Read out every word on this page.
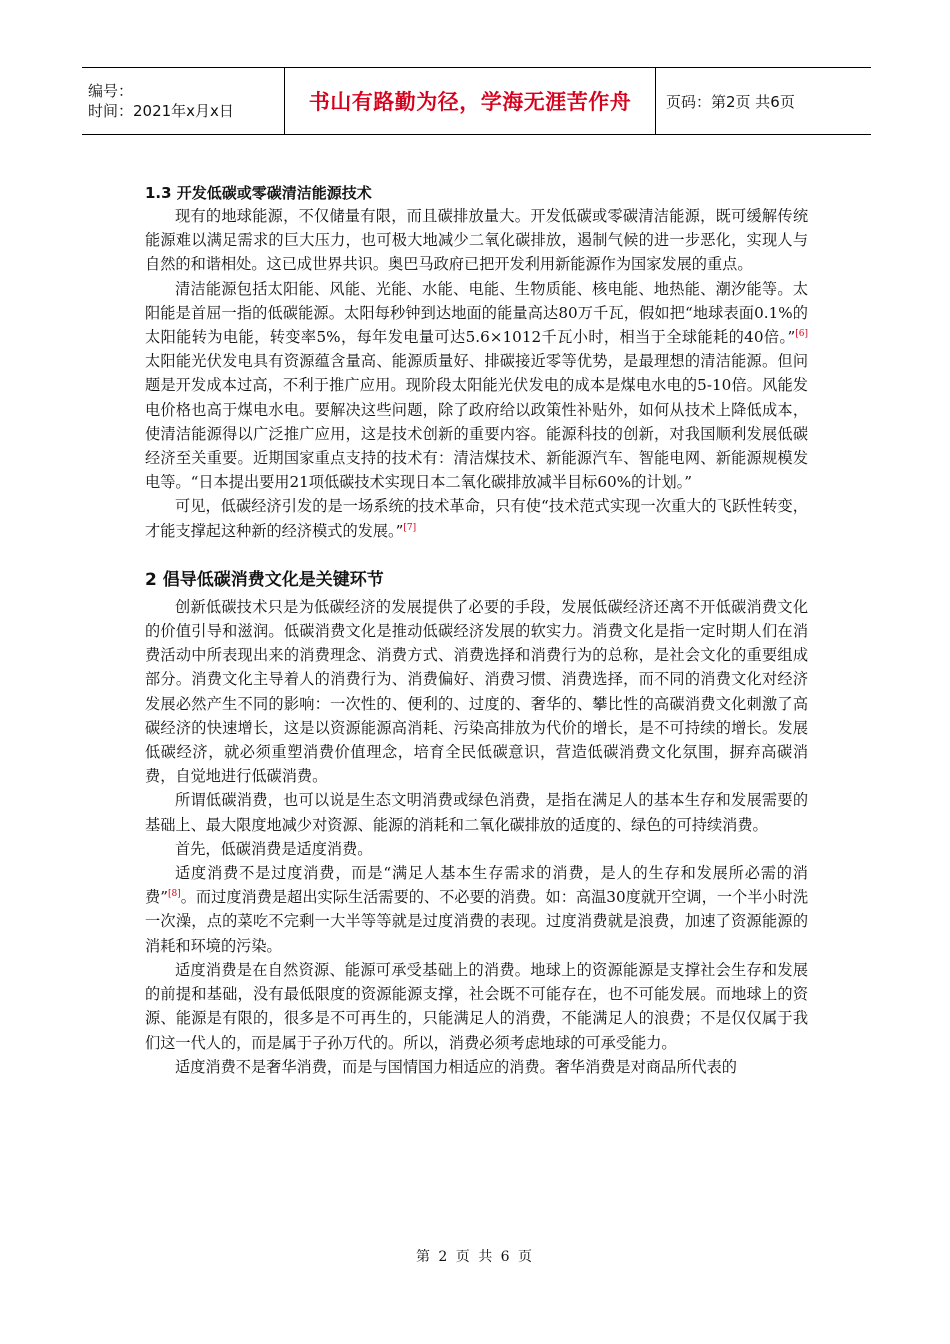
编号：
时间：2021年x月x日	书山有路勤为径，学海无涯苦作舟 页码：第2页 共6页
1.3 开发低碳或零碳清洁能源技术

现有的地球能源，不仅储量有限，而且碳排放量大。开发低碳或零碳清洁能源，既可缓解传统能源难以满足需求的巨大压力，也可极大地减少二氧化碳排放，遏制气候的进一步恶化，实现人与自然的和谐相处。这已成世界共识。奥巴马政府已把开发利用新能源作为国家发展的重点。

清洁能源包括太阳能、风能、光能、水能、电能、生物质能、核电能、地热能、潮汐能等。太阳能是首屈一指的低碳能源。太阳每秒钟到达地面的能量高达80万千瓦，假如把“地球表面0.1%的太阳能转为电能，转变率5%，每年发电量可达5.6×1012千瓦小时，相当于全球能耗的40倍。”[6]太阳能光伏发电具有资源蕴含量高、能源质量好、排碳接近零等优势，是最理想的清洁能源。但问题是开发成本过高，不利于推广应用。现阶段太阳能光伏发电的成本是煤电水电的5-10倍。风能发电价格也高于煤电水电。要解决这些问题，除了政府给以政策性补贴外，如何从技术上降低成本，使清洁能源得以广泛推广应用，这是技术创新的重要内容。能源科技的创新，对我国顺利发展低碳经济至关重要。近期国家重点支持的技术有：清洁煤技术、新能源汽车、智能电网、新能源规模发电等。“日本提出要用21项低碳技术实现日本二氧化碳排放减半目标60%的计划。”

可见，低碳经济引发的是一场系统的技术革命，只有使“技术范式实现一次重大的飞跃性转变，才能支撑起这种新的经济模式的发展。”[7]

2 倡导低碳消费文化是关键环节

创新低碳技术只是为低碳经济的发展提供了必要的手段，发展低碳经济还离不开低碳消费文化的价值引导和滋润。低碳消费文化是推动低碳经济发展的软实力。消费文化是指一定时期人们在消费活动中所表现出来的消费理念、消费方式、消费选择和消费行为的总称，是社会文化的重要组成部分。消费文化主导着人的消费行为、消费偏好、消费习惯、消费选择，而不同的消费文化对经济发展必然产生不同的影响：一次性的、便利的、过度的、奢华的、攀比性的高碳消费文化刺激了高碳经济的快速增长，这是以资源能源高消耗、污染高排放为代价的增长，是不可持续的增长。发展低碳经济，就必须重塑消费价值理念，培育全民低碳意识，营造低碳消费文化氛围，摒弃高碳消费，自觉地进行低碳消费。

所谓低碳消费，也可以说是生态文明消费或绿色消费，是指在满足人的基本生存和发展需要的基础上、最大限度地减少对资源、能源的消耗和二氧化碳排放的适度的、绿色的可持续消费。

首先，低碳消费是适度消费。

适度消费不是过度消费，而是“满足人基本生存需求的消费，是人的生存和发展所必需的消费”[8]。而过度消费是超出实际生活需要的、不必要的消费。如：高温30度就开空调，一个半小时洗一次澡，点的菜吃不完剩一大半等等就是过度消费的表现。过度消费就是浪费，加速了资源能源的消耗和环境的污染。

适度消费是在自然资源、能源可承受基础上的消费。地球上的资源能源是支撑社会生存和发展的前提和基础，没有最低限度的资源能源支撑，社会既不可能存在，也不可能发展。而地球上的资源、能源是有限的，很多是不可再生的，只能满足人的消费，不能满足人的浪费；不是仅仅属于我们这一代人的，而是属于子孙万代的。所以，消费必须考虑地球的可承受能力。

适度消费不是奢华消费，而是与国情国力相适应的消费。奢华消费是对商品所代表的

第 2 页 共 6 页
